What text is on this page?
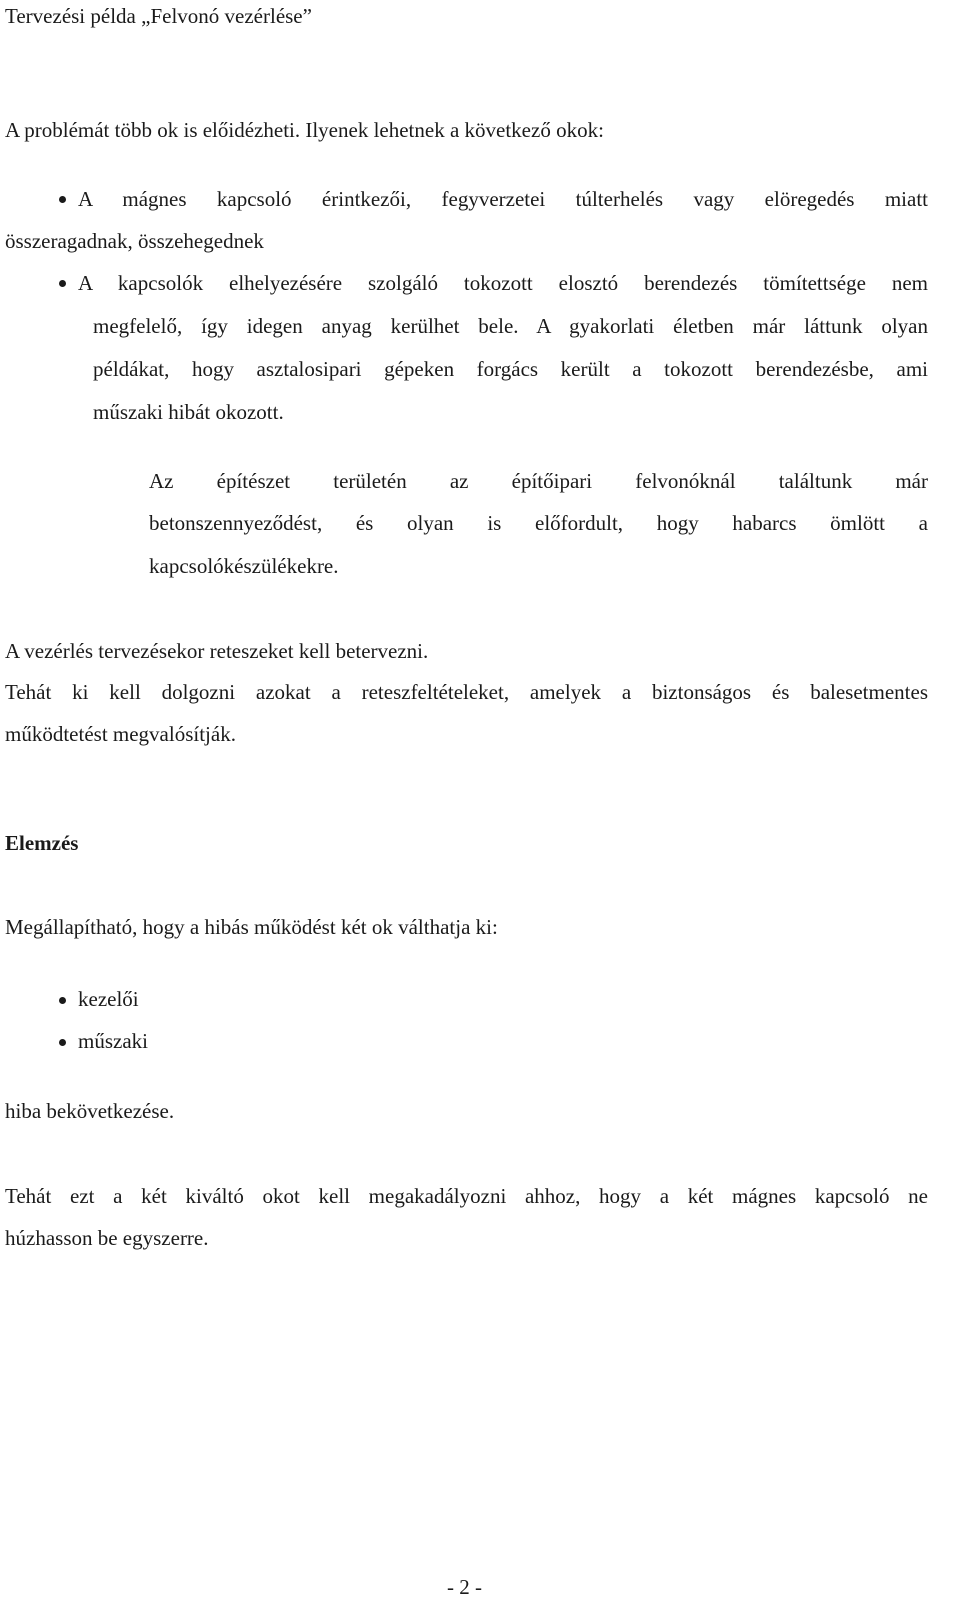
Tervezési példa „Felvonó vezérlése”
A problémát több ok is előidézheti. Ilyenek lehetnek a következő okok:
A mágnes kapcsoló érintkezői, fegyverzetei túlterhelés vagy elöregedés miatt
összeragadnak, összehegednek
A kapcsolók elhelyezésére szolgáló tokozott elosztó berendezés tömítettsége nem
megfelelő, így idegen anyag kerülhet bele. A gyakorlati életben már láttunk olyan
példákat, hogy asztalosipari gépeken forgács került a tokozott berendezésbe, ami
műszaki hibát okozott.
Az építészet területén az építőipari felvonóknál találtunk már
betonszennyeződést, és olyan is előfordult, hogy habarcs ömlött a
kapcsolókészülékekre.
A vezérlés tervezésekor reteszeket kell betervezni.
Tehát ki kell dolgozni azokat a reteszfeltételeket, amelyek a biztonságos és balesetmentes
működtetést megvalósítják.
Elemzés
Megállapítható, hogy a hibás működést két ok válthatja ki:
kezelői
műszaki
hiba bekövetkezése.
Tehát ezt a két kiváltó okot kell megakadályozni ahhoz, hogy a két mágnes kapcsoló ne
húzhasson be egyszerre.
- 2 -
